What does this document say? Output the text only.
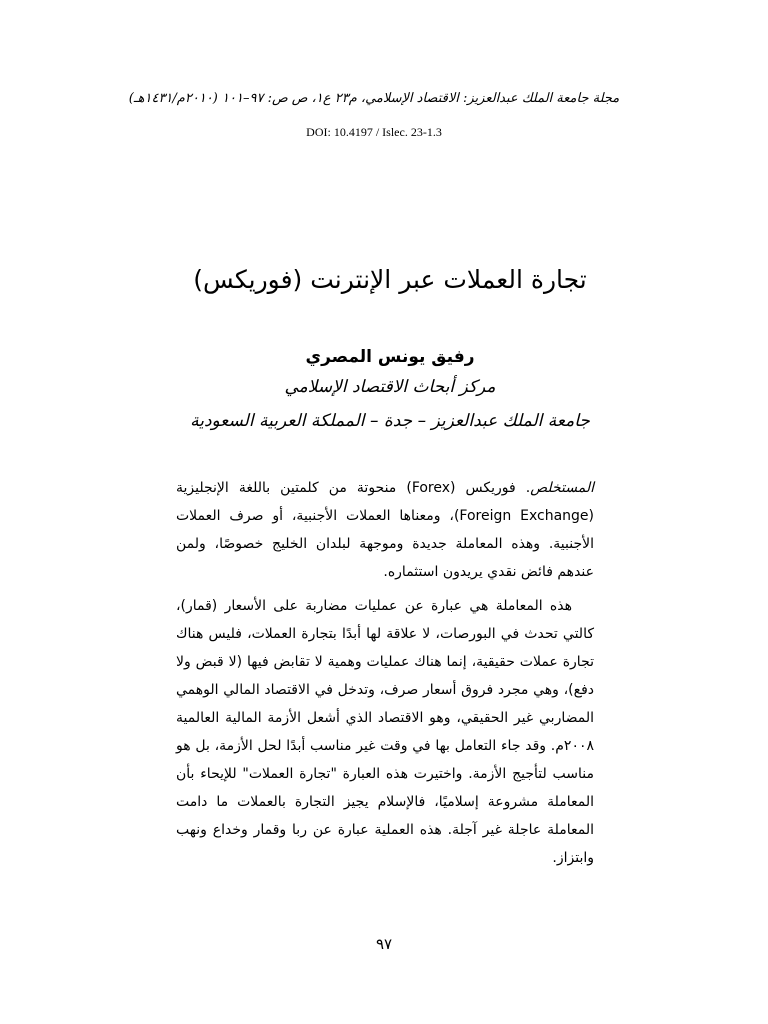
مجلة جامعة الملك عبدالعزيز: الاقتصاد الإسلامي، م٢٣ ع١، ص ص: ٩٧–١٠١ (٢٠١٠م/١٤٣١هـ)
DOI: 10.4197 / Islec. 23-1.3
تجارة العملات عبر الإنترنت (فوريكس)
رفيق يونس المصري
مركز أبحاث الاقتصاد الإسلامي
جامعة الملك عبدالعزيز – جدة – المملكة العربية السعودية

المستخلص. فوريكس (Forex) منحوتة من كلمتين باللغة الإنجليزية (Foreign Exchange)، ومعناها العملات الأجنبية، أو صرف العملات الأجنبية. وهذه المعاملة جديدة وموجهة لبلدان الخليج خصوصًا، ولمن عندهم فائض نقدي يريدون استثماره.

هذه المعاملة هي عبارة عن عمليات مضاربة على الأسعار (قمار)، كالتي تحدث في البورصات، لا علاقة لها أبدًا بتجارة العملات، فليس هناك تجارة عملات حقيقية، إنما هناك عمليات وهمية لا تقابض فيها (لا قبض ولا دفع)، وهي مجرد فروق أسعار صرف، وتدخل في الاقتصاد المالي الوهمي المضاربي غير الحقيقي، وهو الاقتصاد الذي أشعل الأزمة المالية العالمية ٢٠٠٨م. وقد جاء التعامل بها في وقت غير مناسب أبدًا لحل الأزمة، بل هو مناسب لتأجيج الأزمة. واختيرت هذه العبارة "تجارة العملات" للإيحاء بأن المعاملة مشروعة إسلاميًا، فالإسلام يجيز التجارة بالعملات ما دامت المعاملة عاجلة غير آجلة. هذه العملية عبارة عن ربا وقمار وخداع ونهب وابتزاز.

٩٧
